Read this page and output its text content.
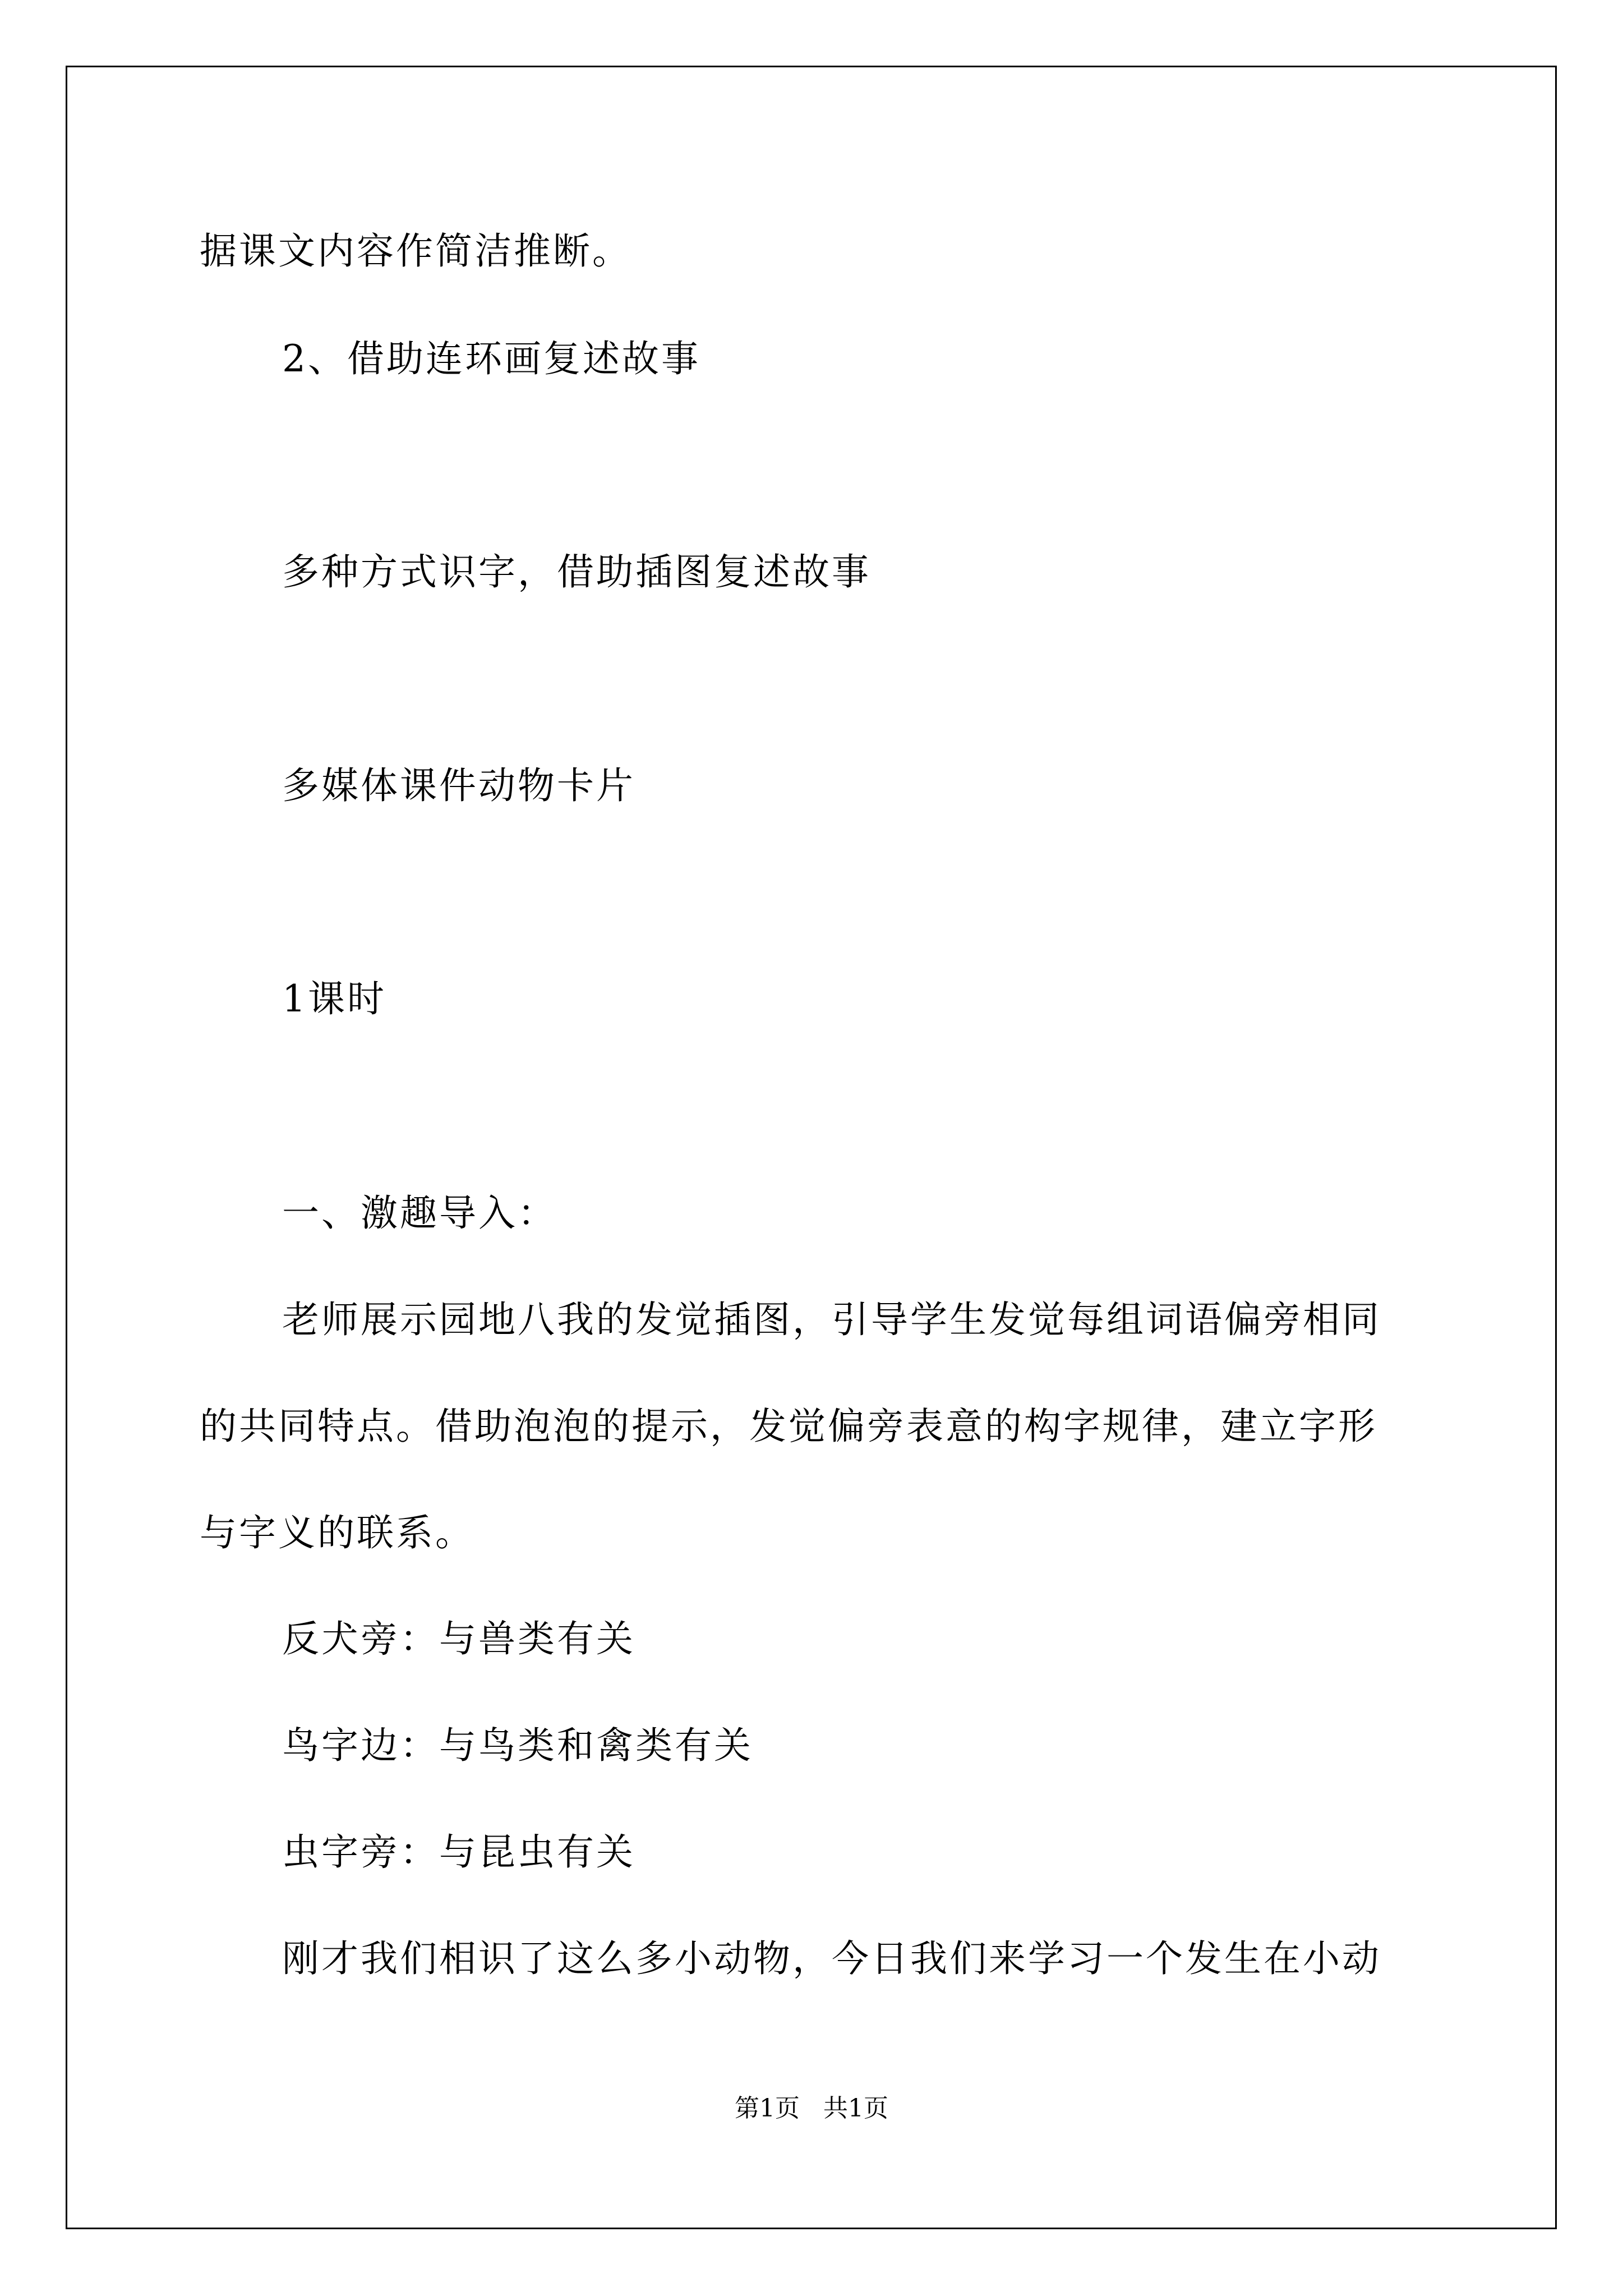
据课文内容作简洁推断。
2、借助连环画复述故事
多种方式识字，借助插图复述故事
多媒体课件动物卡片
1课时
一、激趣导入：
老师展示园地八我的发觉插图，引导学生发觉每组词语偏旁相同
的共同特点。借助泡泡的提示，发觉偏旁表意的构字规律，建立字形
与字义的联系。
反犬旁：与兽类有关
鸟字边：与鸟类和禽类有关
虫字旁：与昆虫有关
刚才我们相识了这么多小动物，今日我们来学习一个发生在小动
第1页   共1页
